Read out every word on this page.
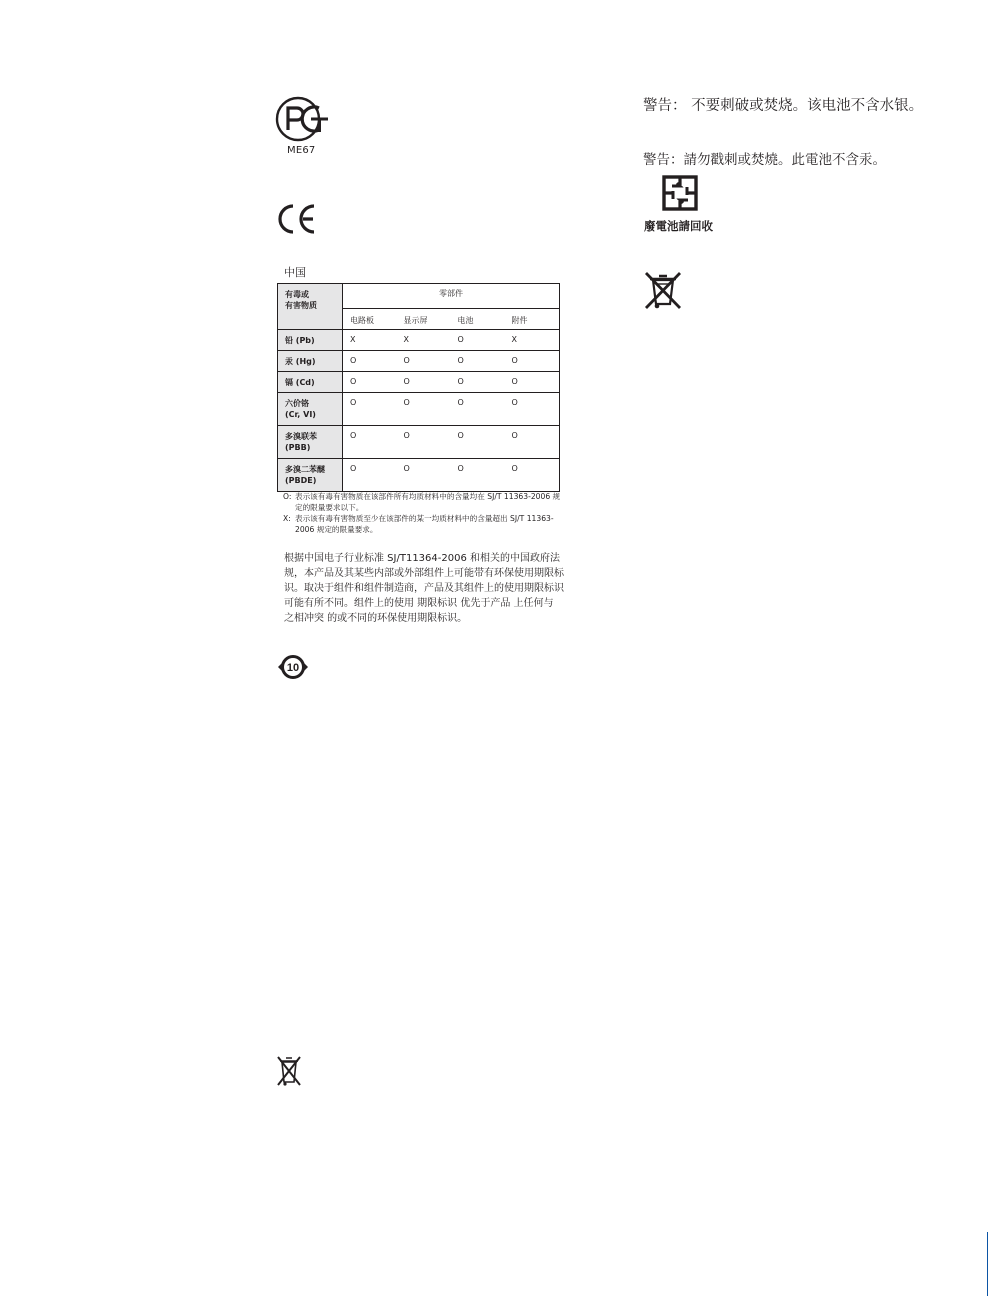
ME67
中国
有毒或
有害物质	零部件			
	电路板	显示屏	电池	附件
铅 (Pb)	X	X	O	X
汞 (Hg)	O	O	O	O
镉 (Cd)	O	O	O	O
六价铬
(Cr, VI)	O	O	O	O
多溴联苯
(PBB)	O	O	O	O
多溴二苯醚
(PBDE)	O	O	O	O
O: 表示该有毒有害物质在该部件所有均质材料中的含量均在 SJ/T 11363-2006 规定的限量要求以下。
X: 表示该有毒有害物质至少在该部件的某一均质材料中的含量超出 SJ/T 11363-2006 规定的限量要求。
根据中国电子行业标准 SJ/T11364-2006 和相关的中国政府法规，本产品及其某些内部或外部组件上可能带有环保使用期限标识。取决于组件和组件制造商，产品及其组件上的使用期限标识可能有所不同。组件上的使用 期限标识 优先于产品 上任何与 之相冲突 的或不同的环保使用期限标识。
10
警告： 不要刺破或焚烧。该电池不含水银。
警告：請勿戳刺或焚燒。此電池不含汞。
廢電池請回收
